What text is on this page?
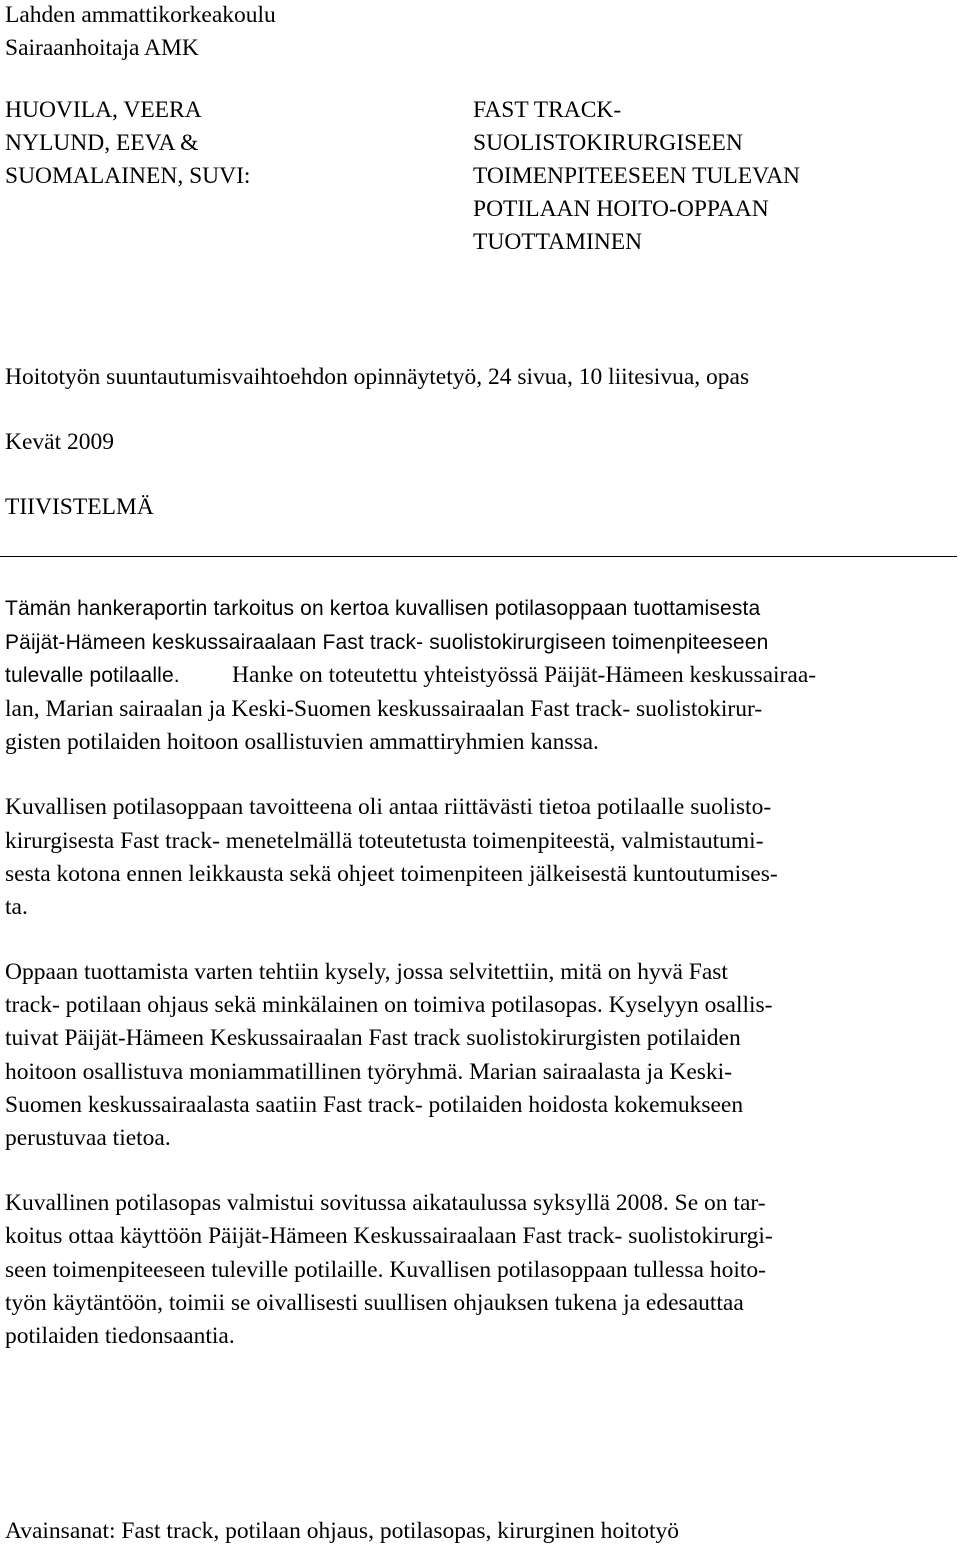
Lahden ammattikorkeakoulu
Sairaanhoitaja AMK
HUOVILA, VEERA
NYLUND, EEVA &
SUOMALAINEN, SUVI:
FAST TRACK-
SUOLISTOKIRURGISEEN
TOIMENPITEESEEN TULEVAN
POTILAAN HOITO-OPPAAN
TUOTTAMINEN
Hoitotyön suuntautumisvaihtoehdon opinnäytetyö, 24 sivua, 10 liitesivua, opas
Kevät 2009
TIIVISTELMÄ
Tämän hankeraportin tarkoitus on kertoa kuvallisen potilasoppaan tuottamisesta
Päijät-Hämeen keskussairaalaan Fast track- suolistokirurgiseen toimenpiteeseen
tulevalle potilaalle. Hanke on toteutettu yhteistyössä Päijät-Hämeen keskussairaa-
lan, Marian sairaalan ja Keski-Suomen keskussairaalan Fast track- suolistokirur-
gisten potilaiden hoitoon osallistuvien ammattiryhmien kanssa.
Kuvallisen potilasoppaan tavoitteena oli antaa riittävästi tietoa potilaalle suolisto-
kirurgisesta Fast track- menetelmällä toteutetusta toimenpiteestä, valmistautumi-
sesta kotona ennen leikkausta sekä ohjeet toimenpiteen jälkeisestä kuntoutumises-
ta.
Oppaan tuottamista varten tehtiin kysely, jossa selvitettiin, mitä on hyvä Fast
track- potilaan ohjaus sekä minkälainen on toimiva potilasopas. Kyselyyn osallis-
tuivat Päijät-Hämeen Keskussairaalan Fast track suolistokirurgisten potilaiden
hoitoon osallistuva moniammatillinen työryhmä. Marian sairaalasta ja Keski-
Suomen keskussairaalasta saatiin Fast track- potilaiden hoidosta kokemukseen
perustuvaa tietoa.
Kuvallinen potilasopas valmistui sovitussa aikataulussa syksyllä 2008. Se on tar-
koitus ottaa käyttöön Päijät-Hämeen Keskussairaalaan Fast track- suolistokirurgi-
seen toimenpiteeseen tuleville potilaille. Kuvallisen potilasoppaan tullessa hoito-
työn käytäntöön, toimii se oivallisesti suullisen ohjauksen tukena ja edesauttaa
potilaiden tiedonsaantia.
Avainsanat: Fast track, potilaan ohjaus, potilasopas, kirurginen hoitotyö
